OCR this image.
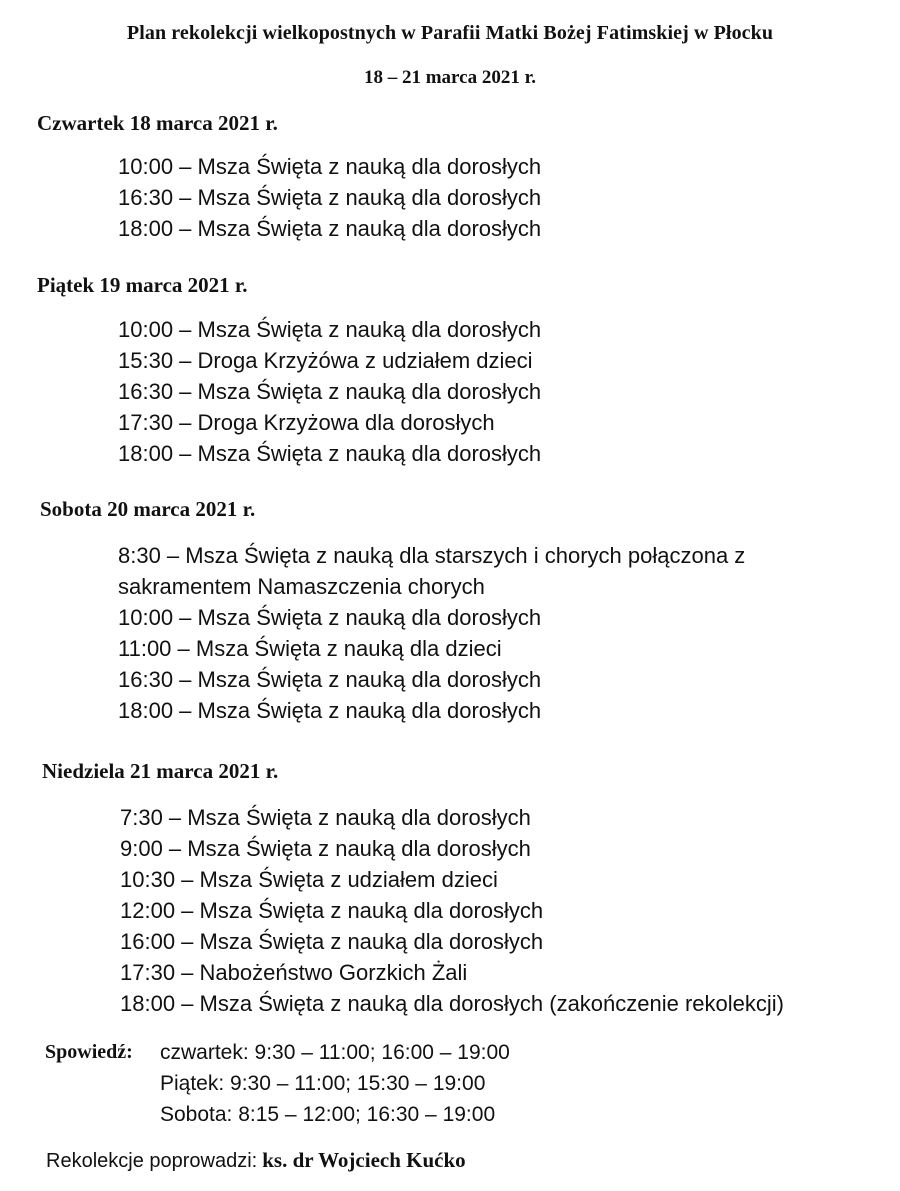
Plan rekolekcji wielkopostnych w Parafii Matki Bożej Fatimskiej w Płocku
18 – 21 marca 2021 r.
Czwartek 18 marca 2021 r.
10:00 – Msza Święta z nauką dla dorosłych
16:30 – Msza Święta z nauką dla dorosłych
18:00 – Msza Święta z nauką dla dorosłych
Piątek 19 marca 2021 r.
10:00 – Msza Święta z nauką dla dorosłych
15:30 – Droga Krzyżówa z udziałem dzieci
16:30 – Msza Święta z nauką dla dorosłych
17:30 – Droga Krzyżowa dla dorosłych
18:00 – Msza Święta z nauką dla dorosłych
Sobota 20 marca 2021 r.
8:30 – Msza Święta z nauką dla starszych i chorych połączona z sakramentem Namaszczenia chorych
10:00 – Msza Święta z nauką dla dorosłych
11:00 – Msza Święta z nauką dla dzieci
16:30 – Msza Święta z nauką dla dorosłych
18:00 – Msza Święta z nauką dla dorosłych
Niedziela 21 marca 2021 r.
7:30 – Msza Święta z nauką dla dorosłych
9:00 – Msza Święta z nauką dla dorosłych
10:30 – Msza Święta z udziałem dzieci
12:00 – Msza Święta z nauką dla dorosłych
16:00 – Msza Święta z nauką dla dorosłych
17:30 – Nabożeństwo Gorzkich Żali
18:00 – Msza Święta z nauką dla dorosłych (zakończenie rekolekcji)
Spowiedź: czwartek: 9:30 – 11:00; 16:00 – 19:00
Piątek: 9:30 – 11:00; 15:30 – 19:00
Sobota: 8:15 – 12:00; 16:30 – 19:00
Rekolekcje poprowadzi: ks. dr Wojciech Kućko
